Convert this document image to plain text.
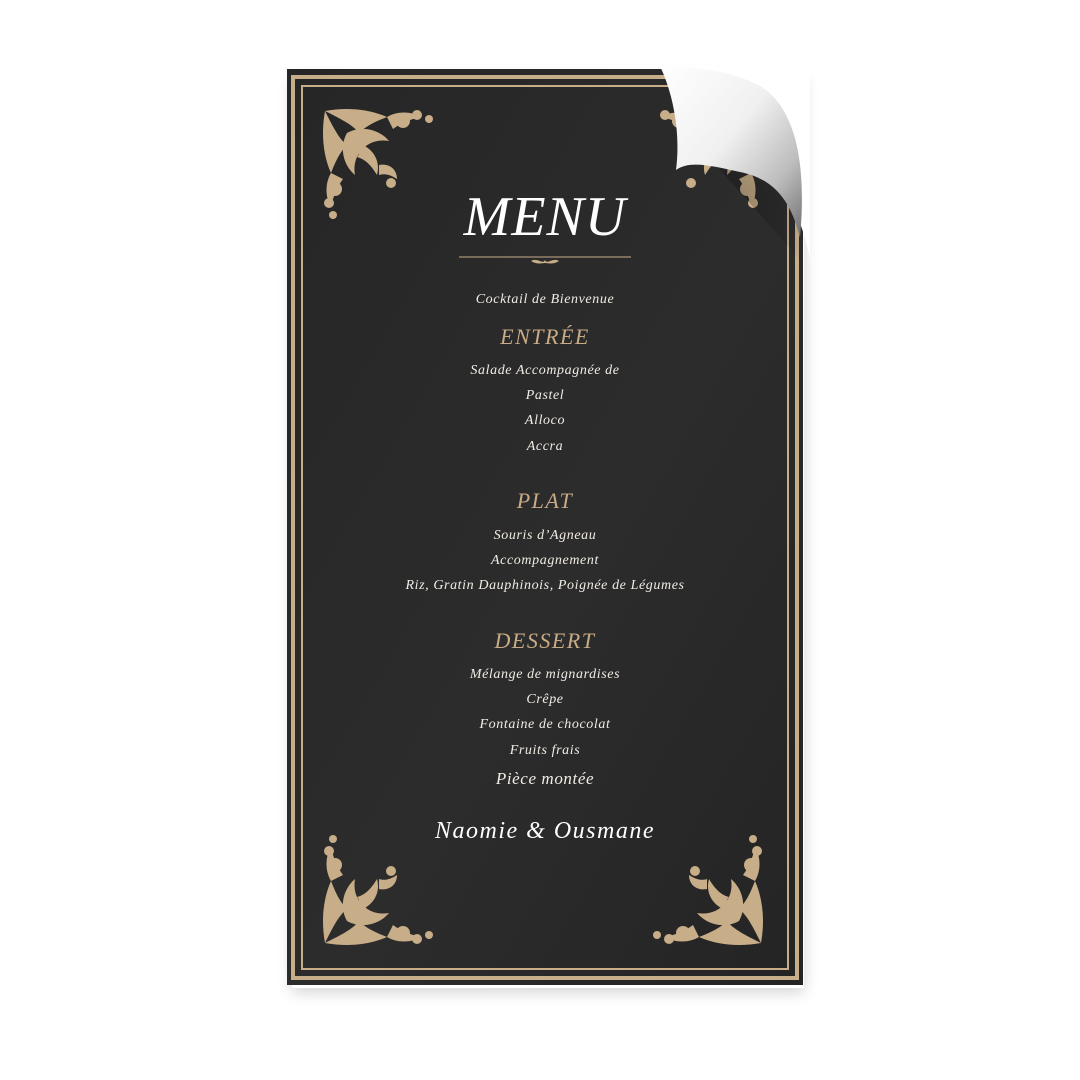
MENU
Cocktail de Bienvenue
ENTRÉE
Salade Accompagnée de
Pastel
Alloco
Accra
PLAT
Souris d’Agneau
Accompagnement
Riz, Gratin Dauphinois, Poignée de Légumes
DESSERT
Mélange de mignardises
Crêpe
Fontaine de chocolat
Fruits frais
Pièce montée
Naomie & Ousmane
